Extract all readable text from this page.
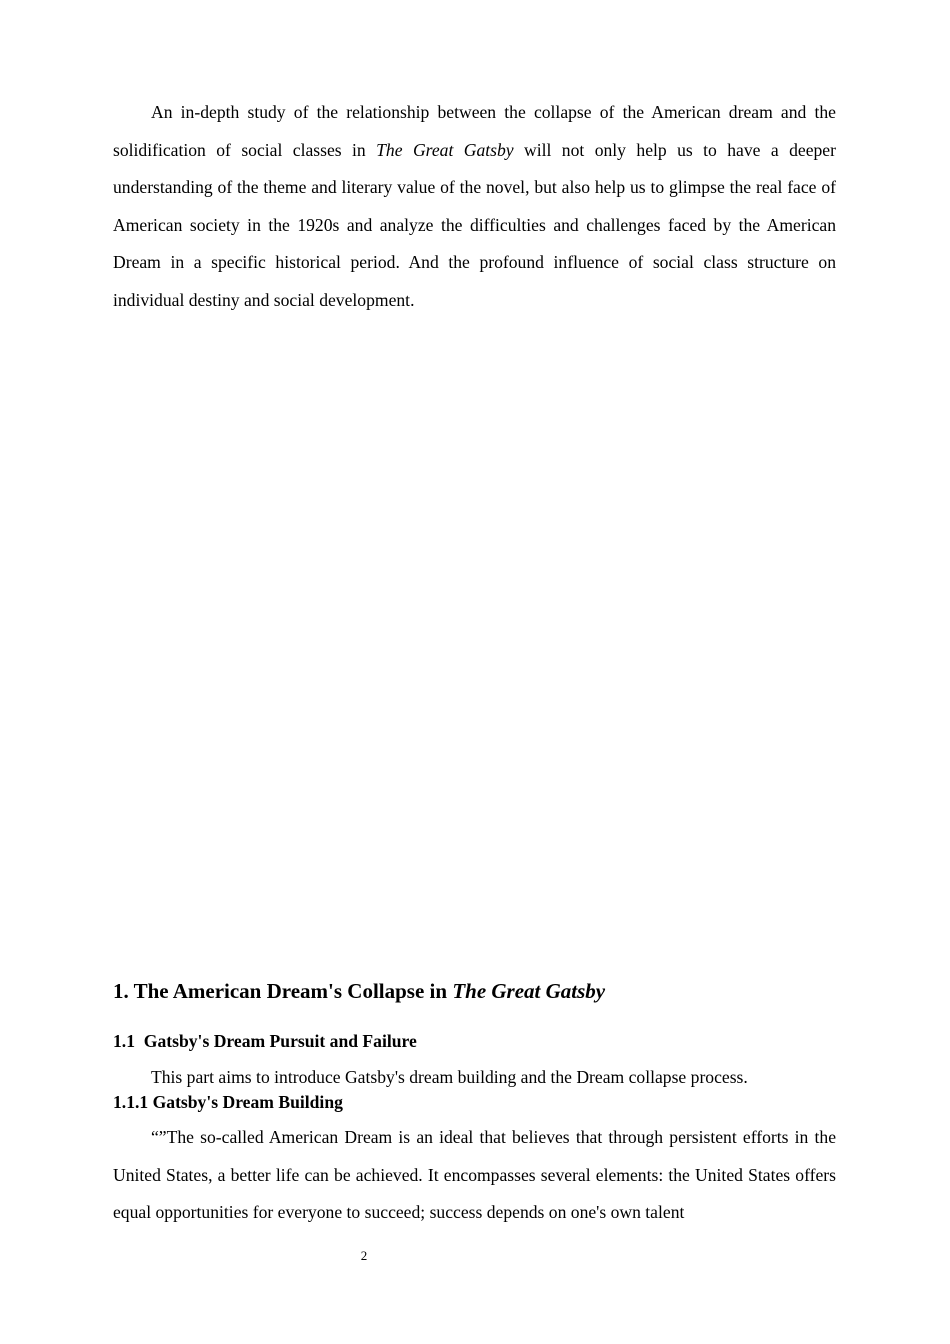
An in-depth study of the relationship between the collapse of the American dream and the solidification of social classes in The Great Gatsby will not only help us to have a deeper understanding of the theme and literary value of the novel, but also help us to glimpse the real face of American society in the 1920s and analyze the difficulties and challenges faced by the American Dream in a specific historical period. And the profound influence of social class structure on individual destiny and social development.

1. The American Dream's Collapse in The Great Gatsby
1.1  Gatsby's Dream Pursuit and Failure

This part aims to introduce Gatsby's dream building and the Dream collapse process.

1.1.1 Gatsby's Dream Building

“”The so-called American Dream is an ideal that believes that through persistent efforts in the United States, a better life can be achieved. It encompasses several elements: the United States offers equal opportunities for everyone to succeed; success depends on one's own talent

2
